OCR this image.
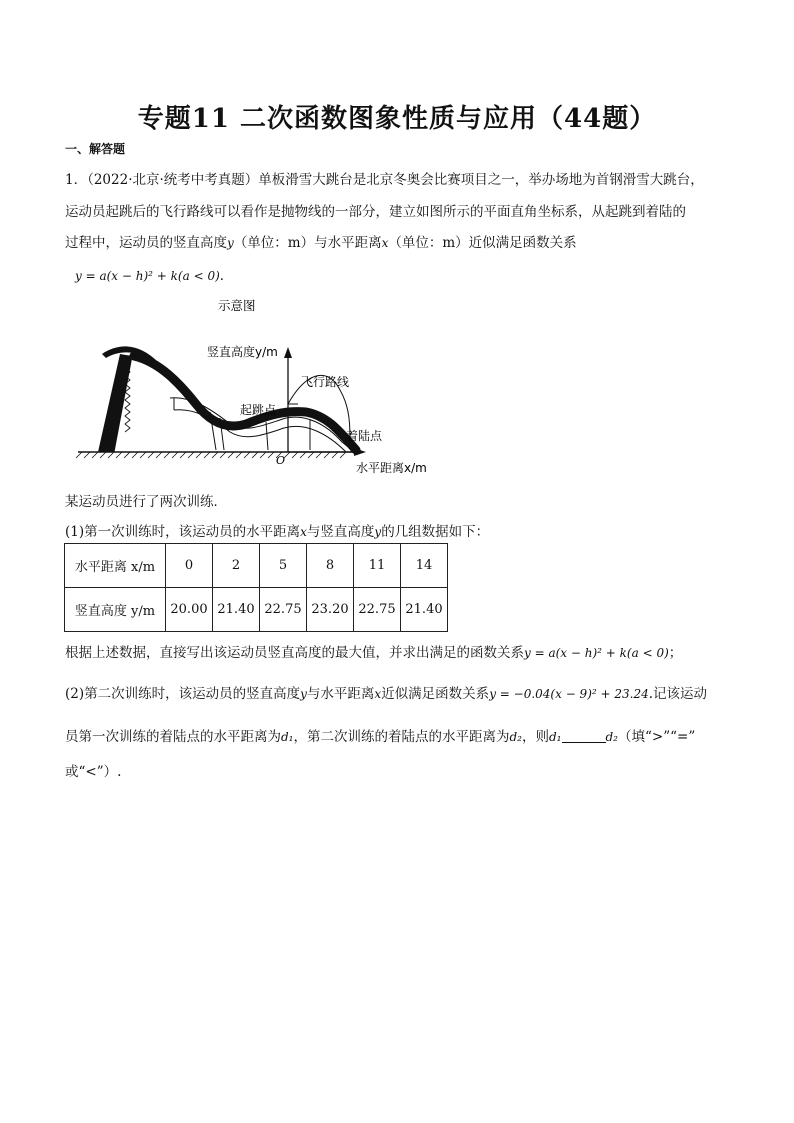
专题11 二次函数图象性质与应用（44题）
一、解答题
1．（2022·北京·统考中考真题）单板滑雪大跳台是北京冬奥会比赛项目之一，举办场地为首钢滑雪大跳台，
运动员起跳后的飞行路线可以看作是抛物线的一部分，建立如图所示的平面直角坐标系，从起跳到着陆的
过程中，运动员的竖直高度y（单位：m）与水平距离x（单位：m）近似满足函数关系
y = a(x − h)² + k(a < 0)．
示意图
竖直高度y/m
飞行路线
起跳点
着陆点
O
水平距离x/m
某运动员进行了两次训练．
(1)第一次训练时，该运动员的水平距离x与竖直高度y的几组数据如下：
水平距离 x/m	0	2	5	8	11	14
竖直高度 y/m	20.00	21.40	22.75	23.20	22.75	21.40
根据上述数据，直接写出该运动员竖直高度的最大值，并求出满足的函数关系y = a(x − h)² + k(a < 0)；
(2)第二次训练时，该运动员的竖直高度y与水平距离x近似满足函数关系y = −0.04(x − 9)² + 23.24.记该运动
员第一次训练的着陆点的水平距离为d₁，第二次训练的着陆点的水平距离为d₂，则d₁	d₂（填“>”“=”
或“<”）.
